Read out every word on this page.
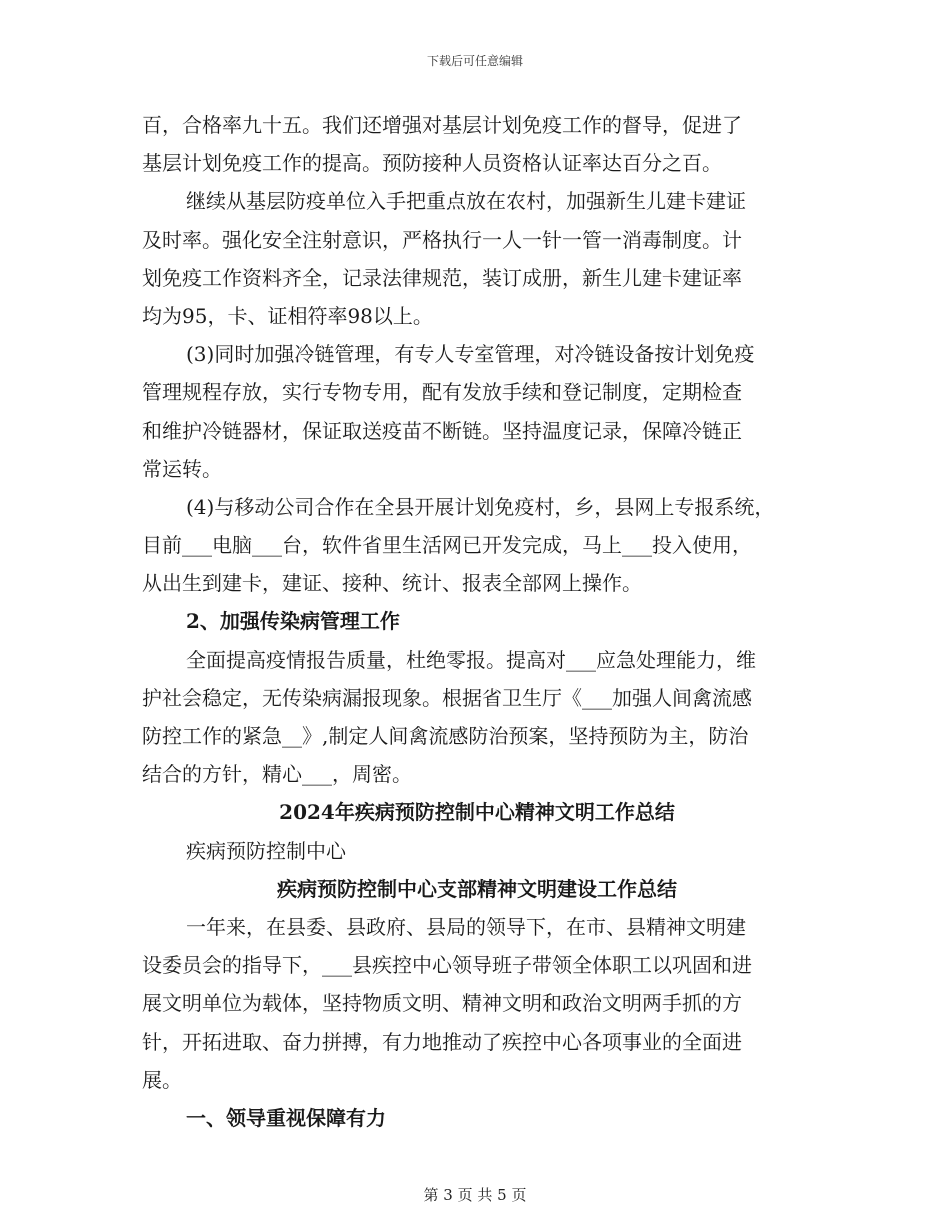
下载后可任意编辑
百，合格率九十五。我们还增强对基层计划免疫工作的督导，促进了
基层计划免疫工作的提高。预防接种人员资格认证率达百分之百。
继续从基层防疫单位入手把重点放在农村，加强新生儿建卡建证
及时率。强化安全注射意识，严格执行一人一针一管一消毒制度。计
划免疫工作资料齐全，记录法律规范，装订成册，新生儿建卡建证率
均为95，卡、证相符率98以上。
(3)同时加强冷链管理，有专人专室管理，对冷链设备按计划免疫
管理规程存放，实行专物专用，配有发放手续和登记制度，定期检查
和维护冷链器材，保证取送疫苗不断链。坚持温度记录，保障冷链正
常运转。
(4)与移动公司合作在全县开展计划免疫村，乡，县网上专报系统，
目前___电脑___台，软件省里生活网已开发完成，马上___投入使用，
从出生到建卡，建证、接种、统计、报表全部网上操作。
2、加强传染病管理工作
全面提高疫情报告质量，杜绝零报。提高对___应急处理能力，维
护社会稳定，无传染病漏报现象。根据省卫生厅《___加强人间禽流感
防控工作的紧急__》,制定人间禽流感防治预案，坚持预防为主，防治
结合的方针，精心___，周密。
2024年疾病预防控制中心精神文明工作总结
疾病预防控制中心
疾病预防控制中心支部精神文明建设工作总结
一年来，在县委、县政府、县局的领导下，在市、县精神文明建
设委员会的指导下，___县疾控中心领导班子带领全体职工以巩固和进
展文明单位为载体，坚持物质文明、精神文明和政治文明两手抓的方
针，开拓进取、奋力拼搏，有力地推动了疾控中心各项事业的全面进
展。
一、领导重视保障有力
第 3 页 共 5 页
